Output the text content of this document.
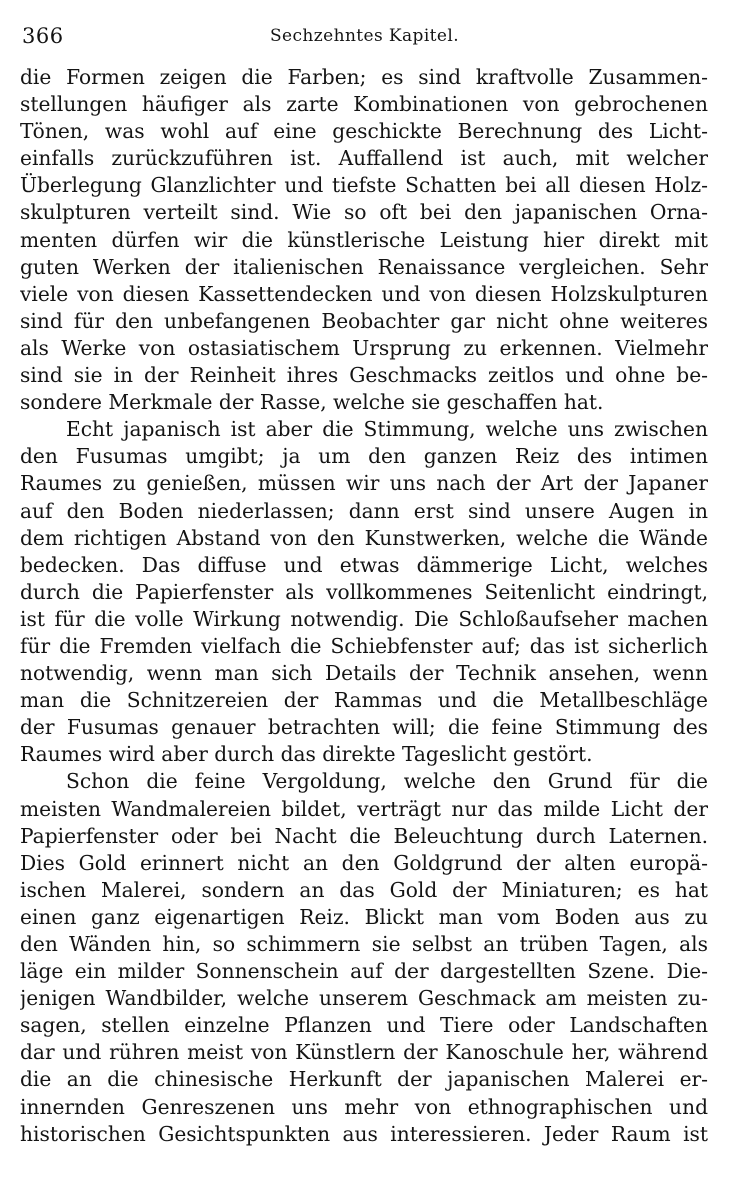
366	Sechzehntes Kapitel.
die Formen zeigen die Farben; es sind kraftvolle Zusammen-
stellungen häufiger als zarte Kombinationen von gebrochenen
Tönen, was wohl auf eine geschickte Berechnung des Licht-
einfalls zurückzuführen ist. Auffallend ist auch, mit welcher
Überlegung Glanzlichter und tiefste Schatten bei all diesen Holz-
skulpturen verteilt sind. Wie so oft bei den japanischen Orna-
menten dürfen wir die künstlerische Leistung hier direkt mit
guten Werken der italienischen Renaissance vergleichen. Sehr
viele von diesen Kassettendecken und von diesen Holzskulpturen
sind für den unbefangenen Beobachter gar nicht ohne weiteres
als Werke von ostasiatischem Ursprung zu erkennen. Vielmehr
sind sie in der Reinheit ihres Geschmacks zeitlos und ohne be-
sondere Merkmale der Rasse, welche sie geschaffen hat.
Echt japanisch ist aber die Stimmung, welche uns zwischen
den Fusumas umgibt; ja um den ganzen Reiz des intimen
Raumes zu genießen, müssen wir uns nach der Art der Japaner
auf den Boden niederlassen; dann erst sind unsere Augen in
dem richtigen Abstand von den Kunstwerken, welche die Wände
bedecken. Das diffuse und etwas dämmerige Licht, welches
durch die Papierfenster als vollkommenes Seitenlicht eindringt,
ist für die volle Wirkung notwendig. Die Schloßaufseher machen
für die Fremden vielfach die Schiebfenster auf; das ist sicherlich
notwendig, wenn man sich Details der Technik ansehen, wenn
man die Schnitzereien der Rammas und die Metallbeschläge
der Fusumas genauer betrachten will; die feine Stimmung des
Raumes wird aber durch das direkte Tageslicht gestört.
Schon die feine Vergoldung, welche den Grund für die
meisten Wandmalereien bildet, verträgt nur das milde Licht der
Papierfenster oder bei Nacht die Beleuchtung durch Laternen.
Dies Gold erinnert nicht an den Goldgrund der alten europä-
ischen Malerei, sondern an das Gold der Miniaturen; es hat
einen ganz eigenartigen Reiz. Blickt man vom Boden aus zu
den Wänden hin, so schimmern sie selbst an trüben Tagen, als
läge ein milder Sonnenschein auf der dargestellten Szene. Die-
jenigen Wandbilder, welche unserem Geschmack am meisten zu-
sagen, stellen einzelne Pflanzen und Tiere oder Landschaften
dar und rühren meist von Künstlern der Kanoschule her, während
die an die chinesische Herkunft der japanischen Malerei er-
innernden Genreszenen uns mehr von ethnographischen und
historischen Gesichtspunkten aus interessieren. Jeder Raum ist
